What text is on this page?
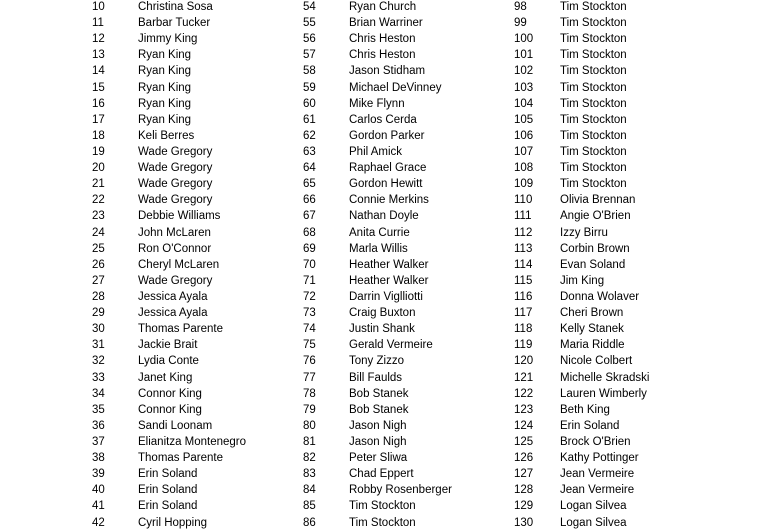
10	Christina Sosa
11	Barbar Tucker
12	Jimmy King
13	Ryan King
14	Ryan King
15	Ryan King
16	Ryan King
17	Ryan King
18	Keli Berres
19	Wade Gregory
20	Wade Gregory
21	Wade Gregory
22	Wade Gregory
23	Debbie Williams
24	John McLaren
25	Ron O'Connor
26	Cheryl McLaren
27	Wade Gregory
28	Jessica Ayala
29	Jessica Ayala
30	Thomas Parente
31	Jackie Brait
32	Lydia Conte
33	Janet King
34	Connor King
35	Connor King
36	Sandi Loonam
37	Elianitza Montenegro
38	Thomas Parente
39	Erin Soland
40	Erin Soland
41	Erin Soland
42	Cyril Hopping
54	Ryan Church
55	Brian Warriner
56	Chris Heston
57	Chris Heston
58	Jason Stidham
59	Michael DeVinney
60	Mike Flynn
61	Carlos Cerda
62	Gordon Parker
63	Phil Amick
64	Raphael Grace
65	Gordon Hewitt
66	Connie Merkins
67	Nathan Doyle
68	Anita Currie
69	Marla Willis
70	Heather Walker
71	Heather Walker
72	Darrin Viglliotti
73	Craig Buxton
74	Justin Shank
75	Gerald Vermeire
76	Tony Zizzo
77	Bill Faulds
78	Bob Stanek
79	Bob Stanek
80	Jason Nigh
81	Jason Nigh
82	Peter Sliwa
83	Chad Eppert
84	Robby Rosenberger
85	Tim Stockton
86	Tim Stockton
98	Tim Stockton
99	Tim Stockton
100	Tim Stockton
101	Tim Stockton
102	Tim Stockton
103	Tim Stockton
104	Tim Stockton
105	Tim Stockton
106	Tim Stockton
107	Tim Stockton
108	Tim Stockton
109	Tim Stockton
110	Olivia Brennan
111	Angie O'Brien
112	Izzy Birru
113	Corbin Brown
114	Evan Soland
115	Jim King
116	Donna Wolaver
117	Cheri Brown
118	Kelly Stanek
119	Maria Riddle
120	Nicole Colbert
121	Michelle Skradski
122	Lauren Wimberly
123	Beth King
124	Erin Soland
125	Brock O'Brien
126	Kathy Pottinger
127	Jean Vermeire
128	Jean Vermeire
129	Logan Silvea
130	Logan Silvea
